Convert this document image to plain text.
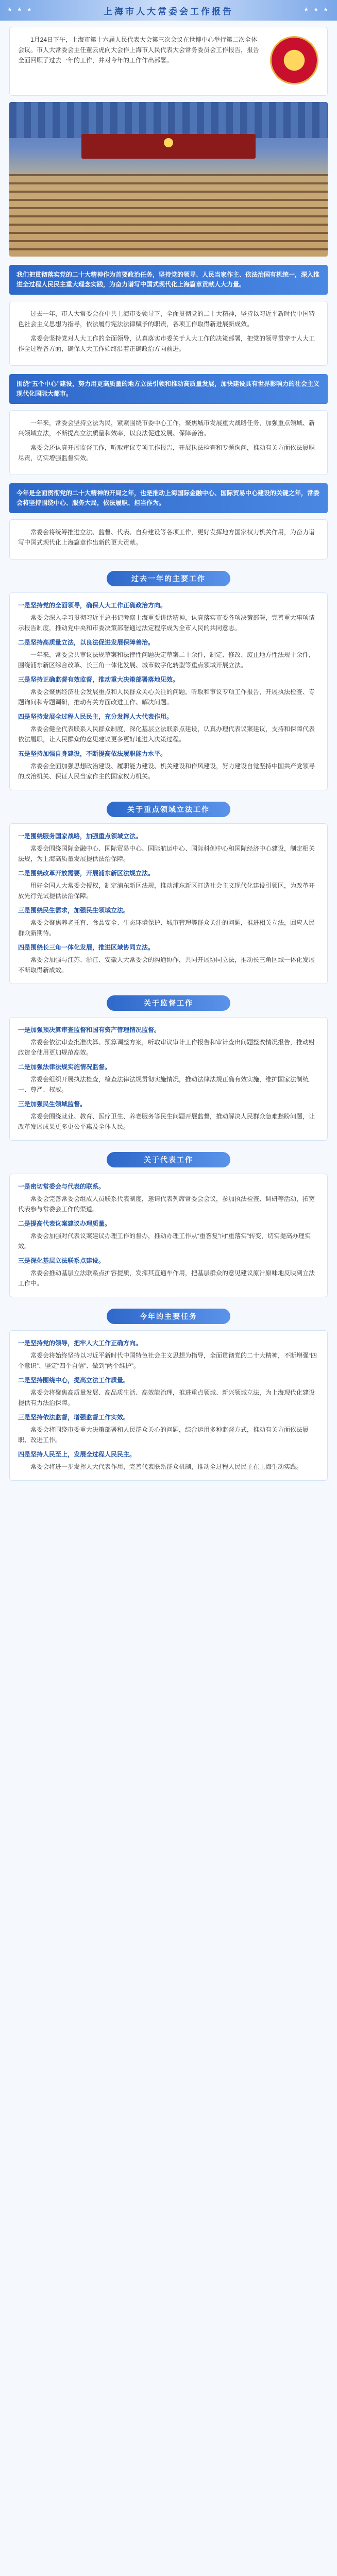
★ ★ ★	上海市人大常委会工作报告	★ ★ ★
★

1月24日下午，上海市第十六届人民代表大会第三次会议在世博中心举行第二次全体会议。市人大常委会主任董云虎向大会作上海市人民代表大会常务委员会工作报告，报告全面回顾了过去一年的工作，并对今年的工作作出部署。

我们把贯彻落实党的二十大精神作为首要政治任务，坚持党的领导、人民当家作主、依法治国有机统一，深入推进全过程人民民主重大理念实践，为奋力谱写中国式现代化上海篇章贡献人大力量。

过去一年，市人大常委会在中共上海市委领导下，全面贯彻党的二十大精神，坚持以习近平新时代中国特色社会主义思想为指导，依法履行宪法法律赋予的职责，各项工作取得新进展新成效。

常委会坚持党对人大工作的全面领导，认真落实市委关于人大工作的决策部署，把党的领导贯穿于人大工作全过程各方面，确保人大工作始终沿着正确政治方向前进。

围绕“五个中心”建设，努力用更高质量的地方立法引领和推动高质量发展，加快建设具有世界影响力的社会主义现代化国际大都市。

一年来，常委会坚持立法为民，紧紧围绕市委中心工作，聚焦城市发展重大战略任务，加强重点领域、新兴领域立法，不断提高立法质量和效率，以良法促进发展、保障善治。

常委会还认真开展监督工作，听取审议专项工作报告，开展执法检查和专题询问，推动有关方面依法履职尽责，切实增强监督实效。

今年是全面贯彻党的二十大精神的开局之年，也是推动上海国际金融中心、国际贸易中心建设的关键之年，常委会将坚持围绕中心、服务大局，依法履职、担当作为。

常委会将统筹推进立法、监督、代表、自身建设等各项工作，更好发挥地方国家权力机关作用，为奋力谱写中国式现代化上海篇章作出新的更大贡献。

过去一年的主要工作

一是坚持党的全面领导，确保人大工作正确政治方向。

常委会深入学习贯彻习近平总书记考察上海重要讲话精神，认真落实市委各项决策部署，完善重大事项请示报告制度，推动党中央和市委决策部署通过法定程序成为全市人民的共同意志。

二是坚持高质量立法，以良法促进发展保障善治。

一年来，常委会共审议法规草案和法律性问题决定草案二十余件，制定、修改、废止地方性法规十余件，围绕浦东新区综合改革、长三角一体化发展、城市数字化转型等重点领域开展立法。

三是坚持正确监督有效监督，推动重大决策部署落地见效。

常委会聚焦经济社会发展重点和人民群众关心关注的问题，听取和审议专项工作报告，开展执法检查、专题询问和专题调研，推动有关方面改进工作、解决问题。

四是坚持发展全过程人民民主，充分发挥人大代表作用。

常委会健全代表联系人民群众制度，深化基层立法联系点建设，认真办理代表议案建议，支持和保障代表依法履职，让人民群众的意见建议更多更好地进入决策过程。

五是坚持加强自身建设，不断提高依法履职能力水平。

常委会全面加强思想政治建设、履职能力建设、机关建设和作风建设，努力建设自觉坚持中国共产党领导的政治机关、保证人民当家作主的国家权力机关。

关于重点领域立法工作

一是围绕服务国家战略，加强重点领域立法。

常委会围绕国际金融中心、国际贸易中心、国际航运中心、国际科创中心和国际经济中心建设，制定相关法规，为上海高质量发展提供法治保障。

二是围绕改革开放需要，开展浦东新区法规立法。

用好全国人大常委会授权，制定浦东新区法规，推动浦东新区打造社会主义现代化建设引领区，为改革开放先行先试提供法治保障。

三是围绕民生需求，加强民生领域立法。

常委会聚焦养老托育、食品安全、生态环境保护、城市管理等群众关注的问题，推进相关立法，回应人民群众新期待。

四是围绕长三角一体化发展，推进区域协同立法。

常委会加强与江苏、浙江、安徽人大常委会的沟通协作，共同开展协同立法，推动长三角区域一体化发展不断取得新成效。

关于监督工作

一是加强预决算审查监督和国有资产管理情况监督。

常委会依法审查批准决算、预算调整方案，听取审议审计工作报告和审计查出问题整改情况报告，推动财政资金使用更加规范高效。

二是加强法律法规实施情况监督。

常委会组织开展执法检查，检查法律法规贯彻实施情况，推动法律法规正确有效实施，维护国家法制统一、尊严、权威。

三是加强民生领域监督。

常委会围绕就业、教育、医疗卫生、养老服务等民生问题开展监督，推动解决人民群众急难愁盼问题，让改革发展成果更多更公平惠及全体人民。

关于代表工作

一是密切常委会与代表的联系。

常委会完善常委会组成人员联系代表制度，邀请代表列席常委会会议，参加执法检查、调研等活动，拓宽代表参与常委会工作的渠道。

二是提高代表议案建议办理质量。

常委会加强对代表议案建议办理工作的督办，推动办理工作从“重答复”向“重落实”转变，切实提高办理实效。

三是深化基层立法联系点建设。

常委会推动基层立法联系点扩容提质，发挥其直通车作用，把基层群众的意见建议原汁原味地反映到立法工作中。

今年的主要任务

一是坚持党的领导，把牢人大工作正确方向。

常委会将始终坚持以习近平新时代中国特色社会主义思想为指导，全面贯彻党的二十大精神，不断增强“四个意识”、坚定“四个自信”、做到“两个维护”。

二是坚持围绕中心，提高立法工作质量。

常委会将聚焦高质量发展、高品质生活、高效能治理，推进重点领域、新兴领域立法，为上海现代化建设提供有力法治保障。

三是坚持依法监督，增强监督工作实效。

常委会将围绕市委重大决策部署和人民群众关心的问题，综合运用多种监督方式，推动有关方面依法履职、改进工作。

四是坚持人民至上，发展全过程人民民主。

常委会将进一步发挥人大代表作用，完善代表联系群众机制，推动全过程人民民主在上海生动实践。
